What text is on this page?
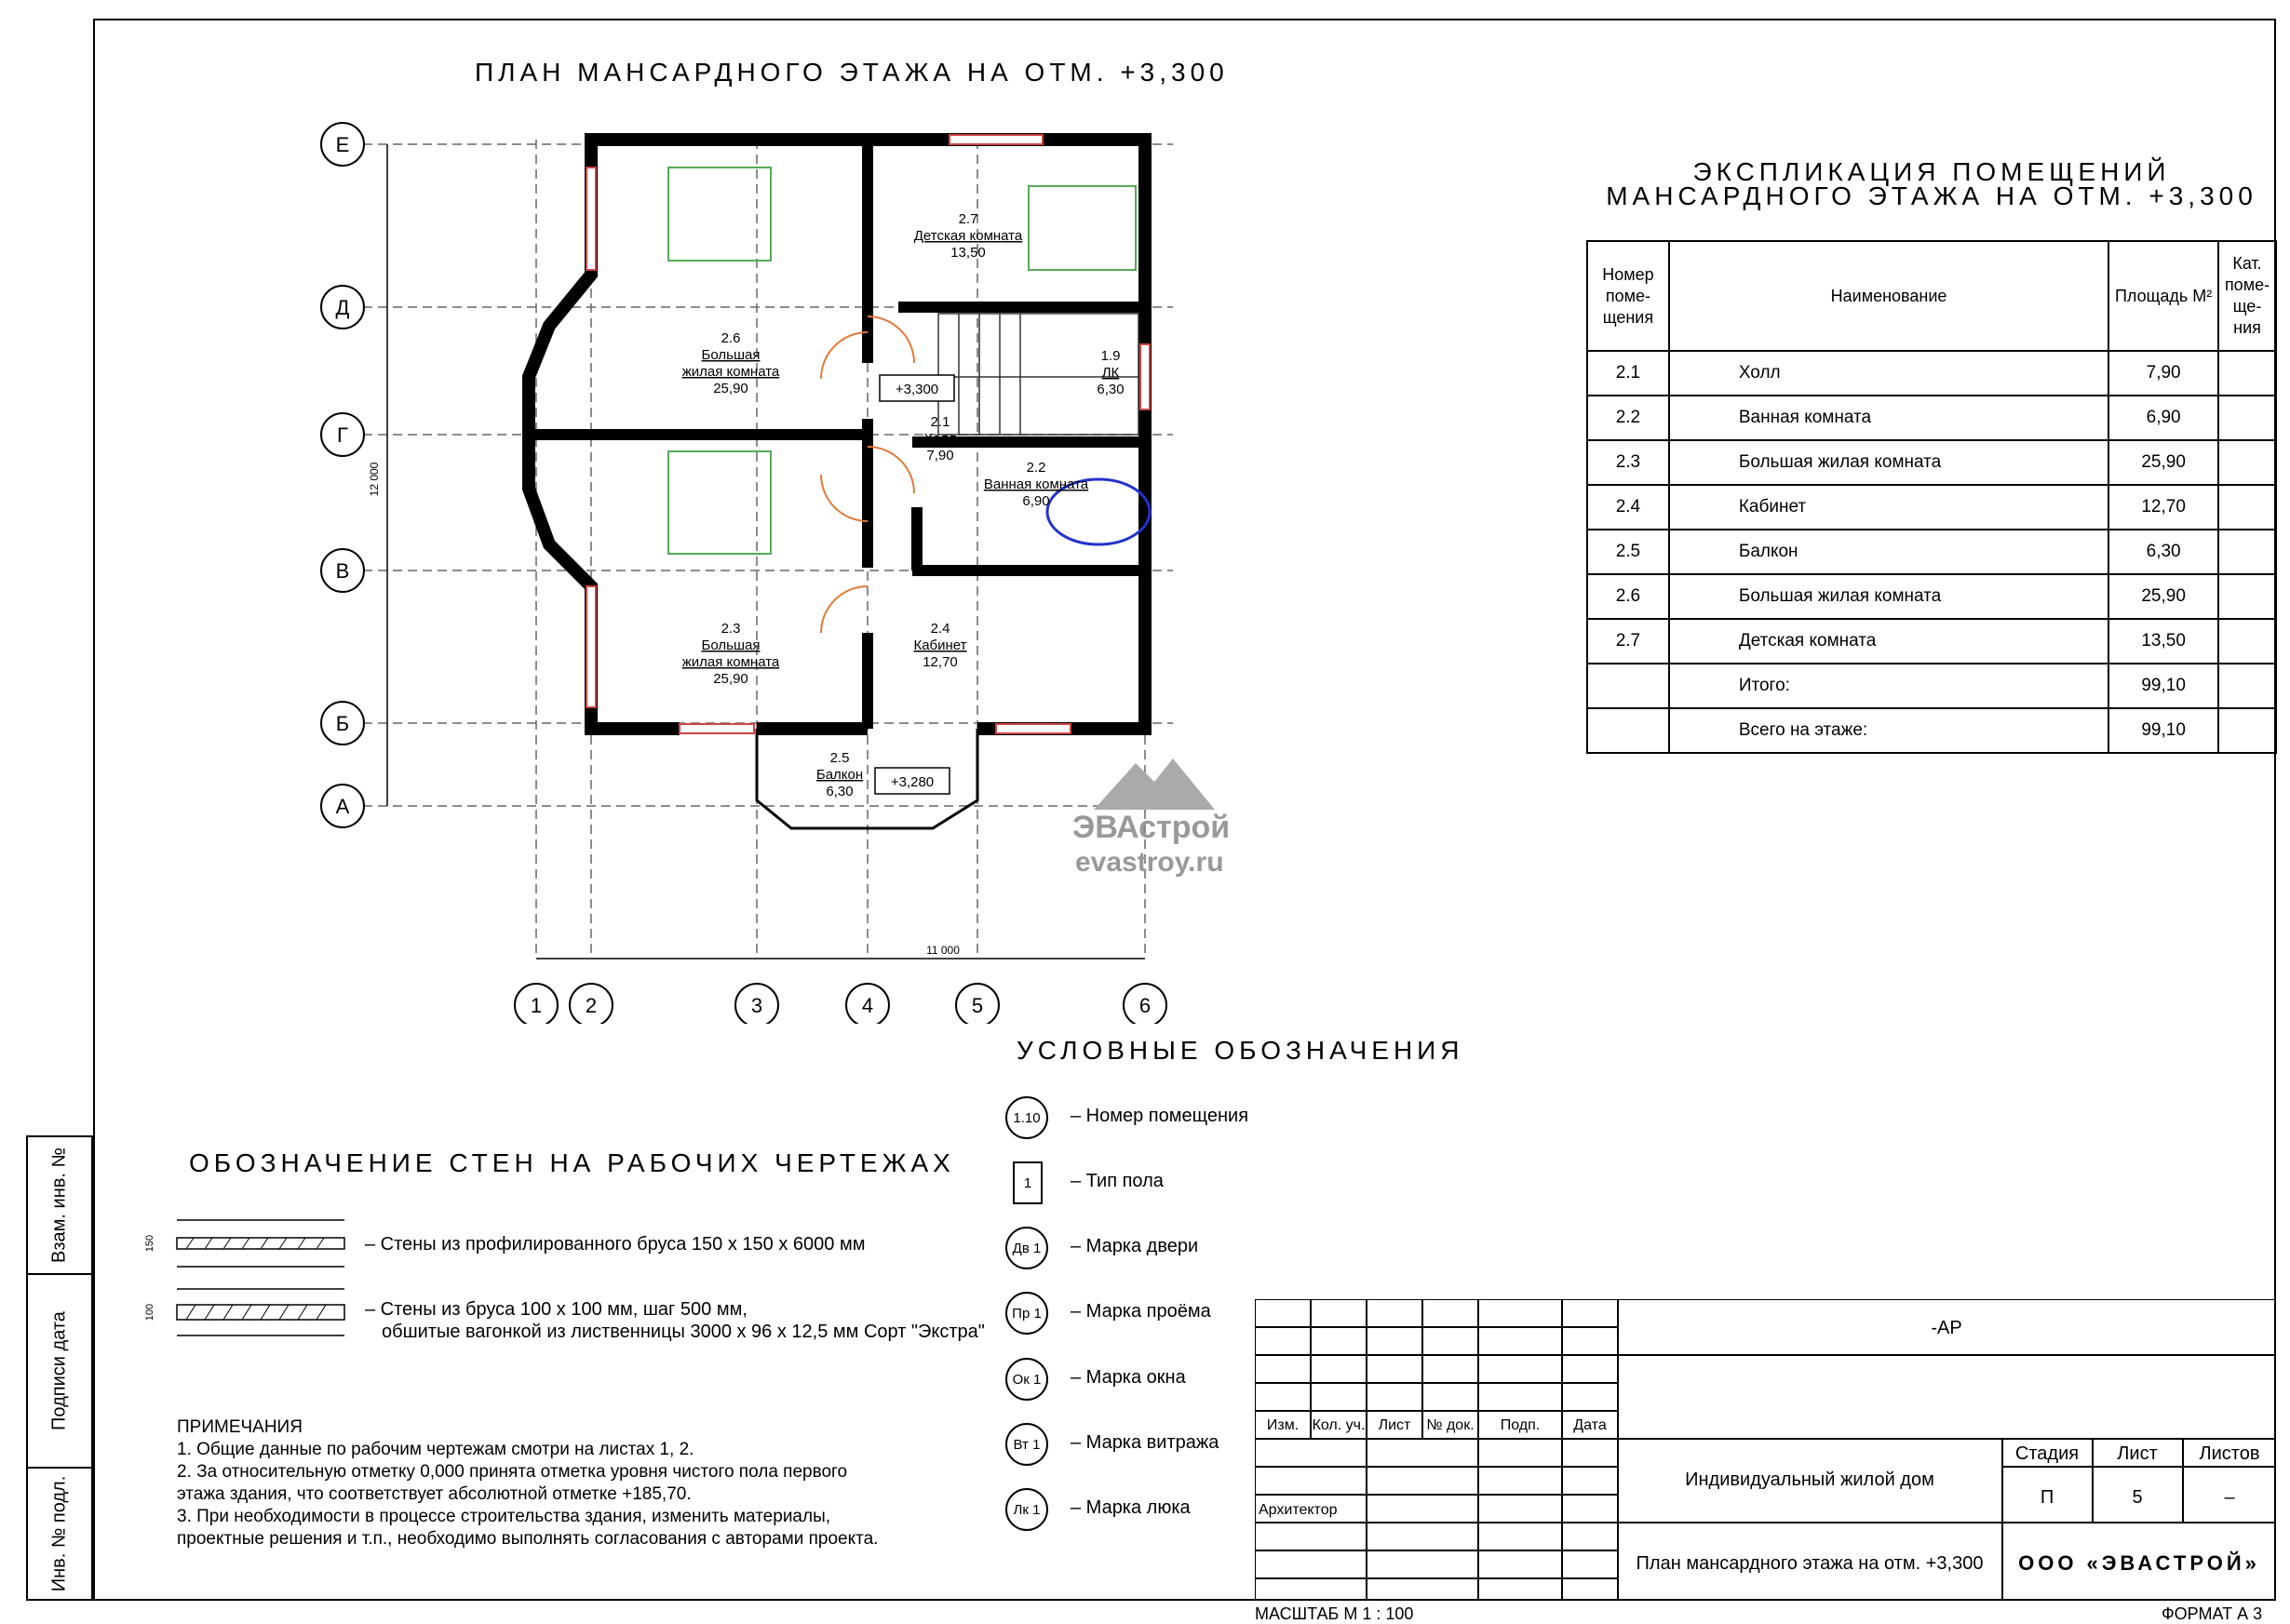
Взам. инв. №
Подписи дата
Инв. № подл.
ПЛАН МАНСАРДНОГО ЭТАЖА НА ОТМ. +3,300
12 000
11 000
Е
Д
Г
В
Б
А
1 2	3	4	5	6
2.7
Детская комната
13,50
2.6
Большая
жилая комната
25,90
1.9
ЛК
6,30
2.1
Холл
7,90
2.2
Ванная комната
6,90
2.3
Большая
жилая комната
25,90
2.4
Кабинет
12,70
2.5
Балкон
6,30
+3,300
+3,280
ЭВАстрой
evastroy.ru
ЭКСПЛИКАЦИЯ ПОМЕЩЕНИЙ
МАНСАРДНОГО ЭТАЖА НА ОТМ. +3,300
Номер поме- щения	Наименование	Площадь М²	Кат. поме- ще- ния
2.1	Холл	7,90	
2.2	Ванная комната	6,90	
2.3	Большая жилая комната	25,90	
2.4	Кабинет	12,70	
2.5	Балкон	6,30	
2.6	Большая жилая комната	25,90	
2.7	Детская комната	13,50	
	Итого:	99,10	
	Всего на этаже:	99,10	
УСЛОВНЫЕ ОБОЗНАЧЕНИЯ
1.10	– Номер помещения
1	– Тип пола
Дв 1	– Марка двери
Пр 1	– Марка проёма
Ок 1	– Марка окна
Вт 1	– Марка витража
Лк 1	– Марка люка
ОБОЗНАЧЕНИЕ СТЕН НА РАБОЧИХ ЧЕРТЕЖАХ
150	– Стены из профилированного бруса 150 х 150 х 6000 мм
100	– Стены из бруса 100 х 100 мм, шаг 500 мм,
обшитые вагонкой из лиственницы 3000 х 96 х 12,5 мм Сорт "Экстра"
ПРИМЕЧАНИЯ
1. Общие данные по рабочим чертежам смотри на листах 1, 2.
2. За относительную отметку 0,000 принята отметка уровня чистого пола первого
этажа здания, что соответствует абсолютной отметке +185,70.
3. При необходимости в процессе строительства здания, изменить материалы,
проектные решения и т.п., необходимо выполнять согласования с авторами проекта.
Изм. Кол. уч. Лист № док. Подп. Дата
Архитектор
-АР
Индивидуальный жилой дом
План мансардного этажа на отм. +3,300
Стадия Лист Листов
П	5	–
ООО «ЭВАСТРОЙ»
МАСШТАБ М 1 : 100	ФОРМАТ А 3
